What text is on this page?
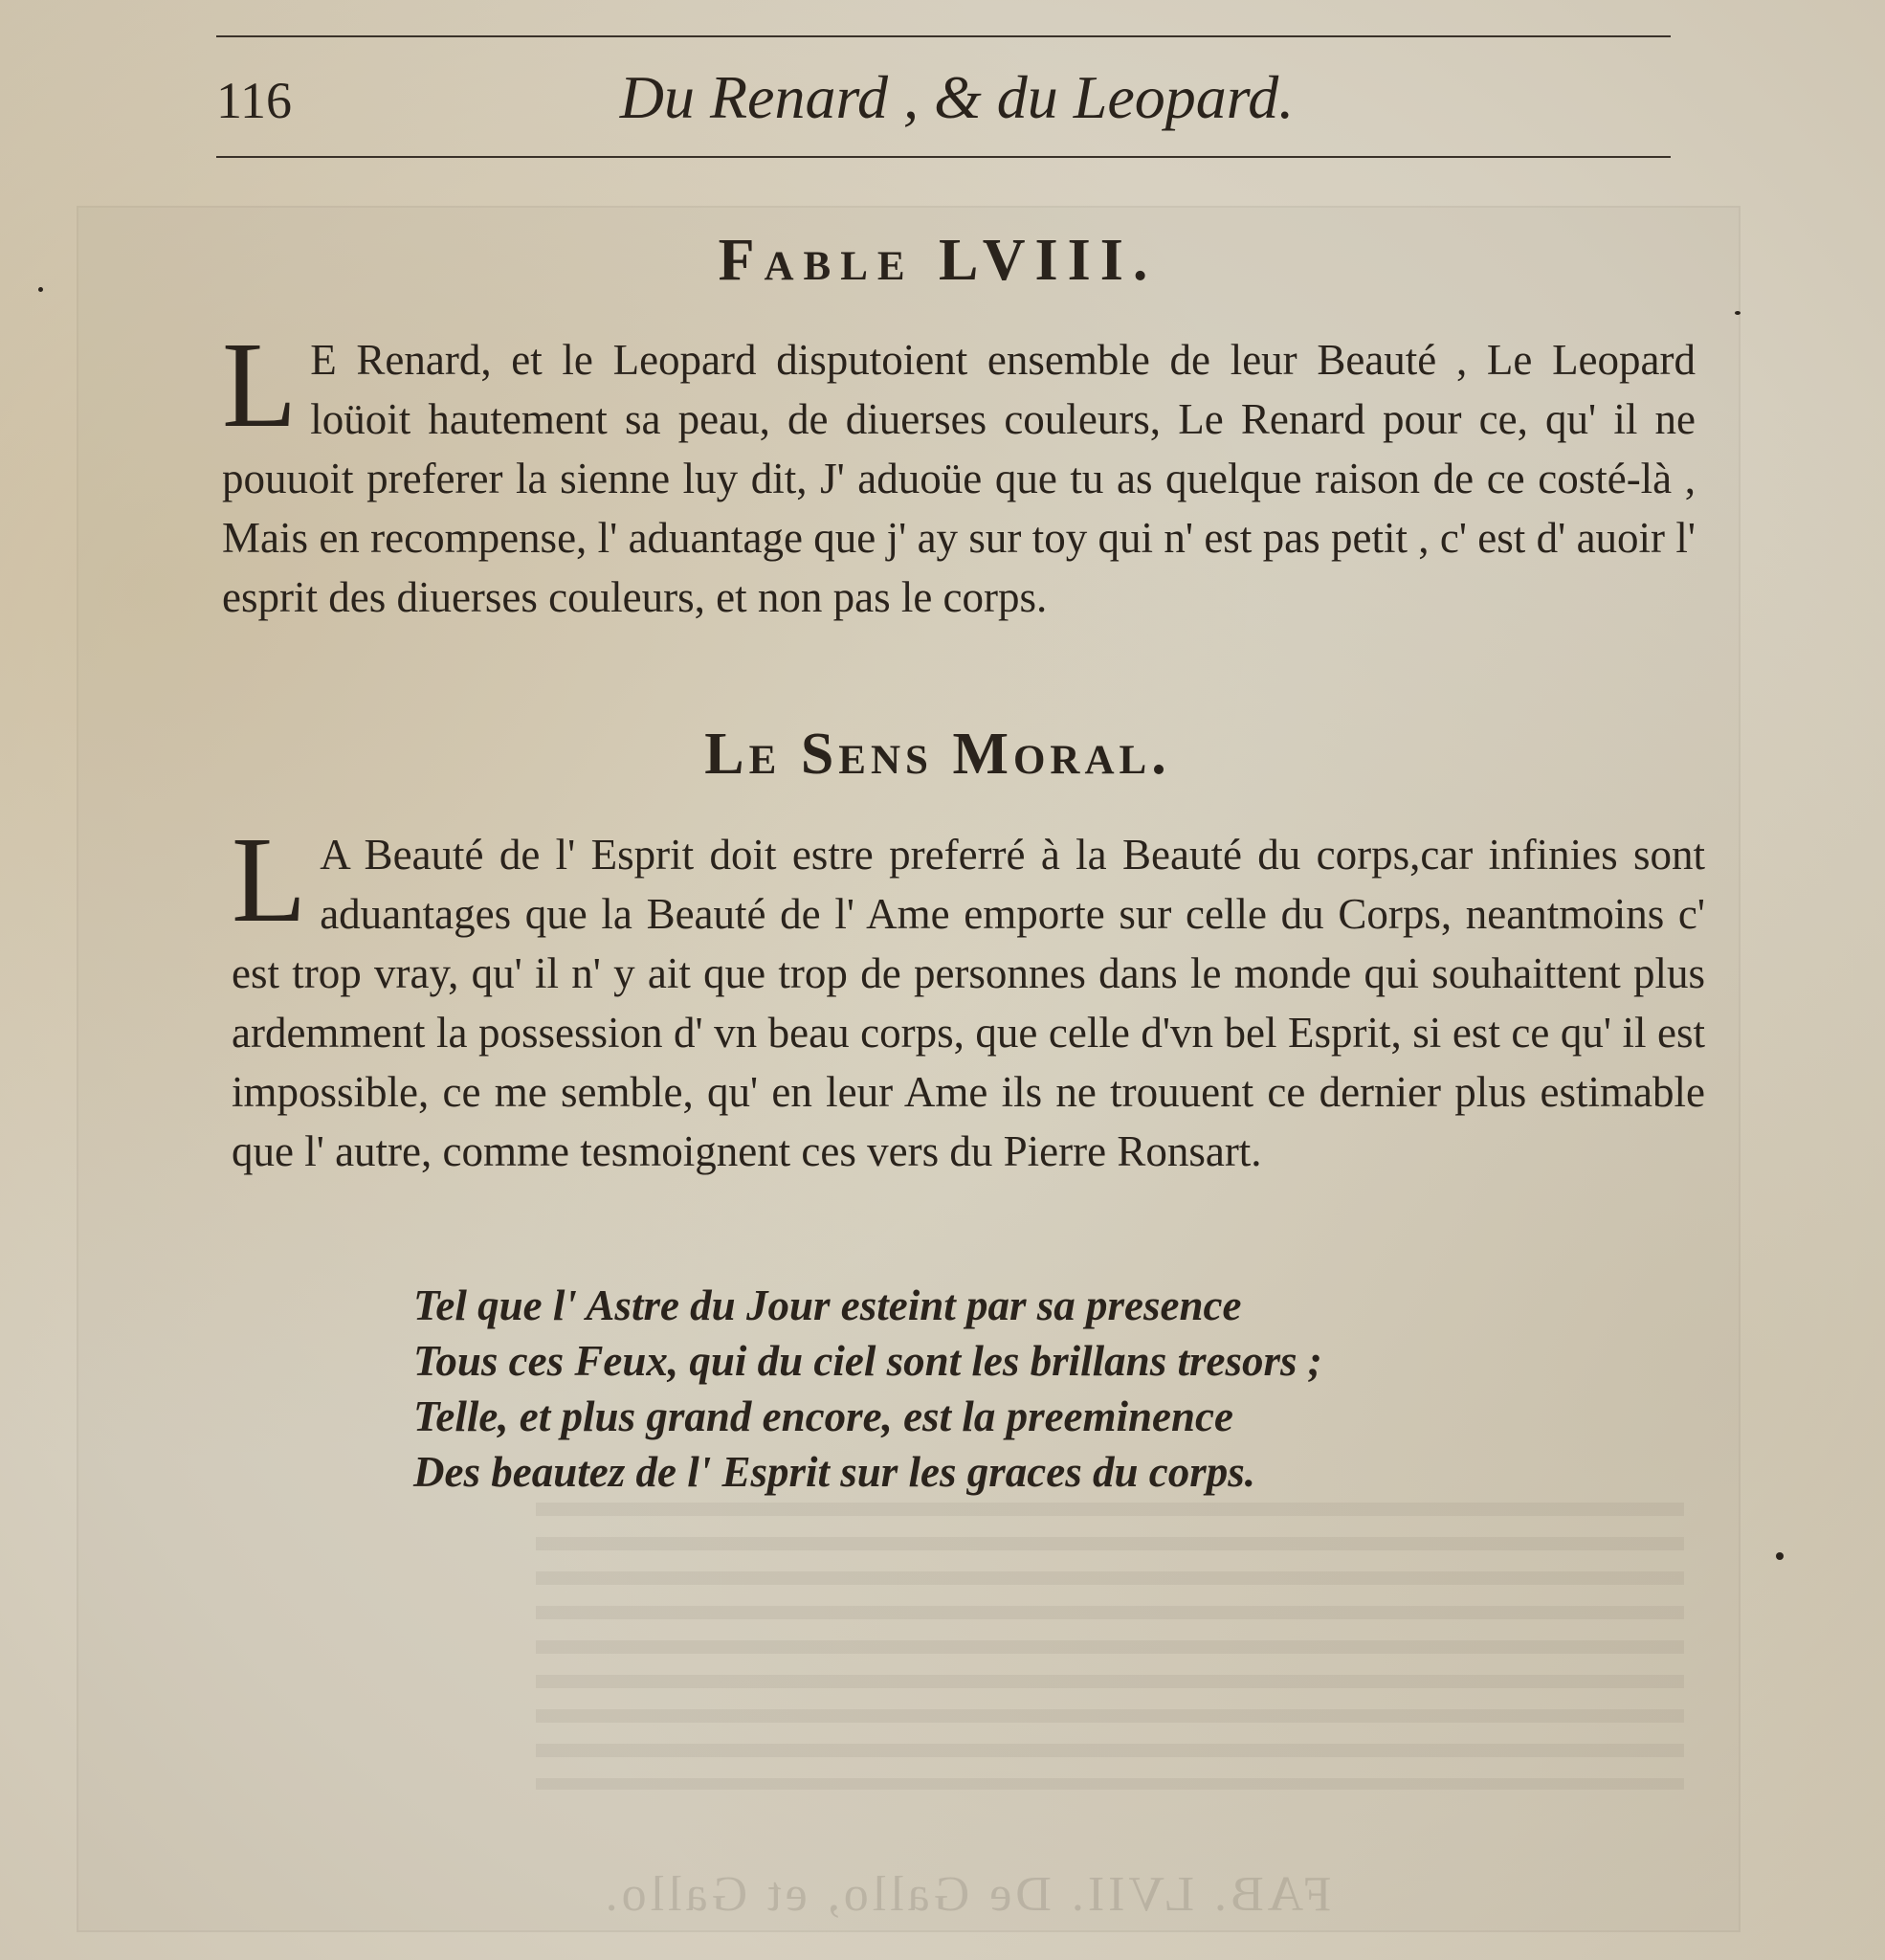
FAB. LVII. De Gallo, et Gallo.
116	Du Renard , & du Leopard.
Fable LVIII.
L E Renard, et le Leopard disputoient ensemble de leur Beauté , Le Leopard loüoit hautement sa peau, de diuerses couleurs, Le Renard pour ce, qu' il ne pouuoit preferer la sienne luy dit, J' aduoüe que tu as quelque raison de ce costé-là , Mais en recompense, l' aduantage que j' ay sur toy qui n' est pas petit , c' est d' auoir l' esprit des diuerses couleurs, et non pas le corps.
Le Sens Moral.
L A Beauté de l' Esprit doit estre preferré à la Beauté du corps,car infinies sont aduantages que la Beauté de l' Ame emporte sur celle du Corps, neantmoins c' est trop vray, qu' il n' y ait que trop de personnes dans le monde qui souhaittent plus ardemment la possession d' vn beau corps, que celle d'vn bel Esprit, si est ce qu' il est impossible, ce me semble, qu' en leur Ame ils ne trouuent ce dernier plus estimable que l' autre, comme tesmoignent ces vers du Pierre Ronsart.
Tel que l' Astre du Jour esteint par sa presence
Tous ces Feux, qui du ciel sont les brillans tresors ;
Telle, et plus grand encore, est la preeminence
Des beautez de l' Esprit sur les graces du corps.
